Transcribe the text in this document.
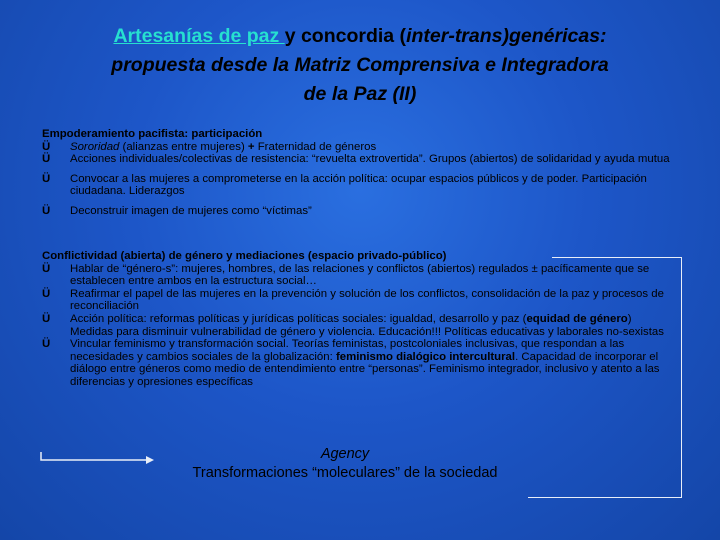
Artesanías de paz y concordia (inter-trans)genéricas:
propuesta desde la Matriz Comprensiva e Integradora
de la Paz (II)
Empoderamiento pacifista: participación
Ü Sororidad (alianzas entre mujeres) + Fraternidad de géneros
Ü Acciones individuales/colectivas de resistencia: “revuelta extrovertida”. Grupos (abiertos) de solidaridad y ayuda mutua
Ü Convocar a las mujeres a comprometerse en la acción política: ocupar espacios públicos y de poder. Participación ciudadana. Liderazgos
Ü Deconstruir imagen de mujeres como “víctimas”
Conflictividad (abierta) de género y mediaciones (espacio privado-público)
Ü Hablar de “género-s”: mujeres, hombres, de las relaciones y conflictos (abiertos) regulados ± pacíficamente que se establecen entre ambos en la estructura social…
Ü Reafirmar el papel de las mujeres en la prevención y solución de los conflictos, consolidación de la paz y procesos de reconciliación
Ü Acción política: reformas políticas y jurídicas políticas sociales: igualdad, desarrollo y paz (equidad de género) Medidas para disminuir vulnerabilidad de género y violencia. Educación!!! Políticas educativas y laborales no-sexistas
Ü Vincular feminismo y transformación social. Teorías feministas, postcoloniales inclusivas, que respondan a las necesidades y cambios sociales de la globalización: feminismo dialógico intercultural. Capacidad de incorporar el diálogo entre géneros como medio de entendimiento entre “personas”. Feminismo integrador, inclusivo y atento a las diferencias y opresiones específicas
Agency
Transformaciones “moleculares” de la sociedad
